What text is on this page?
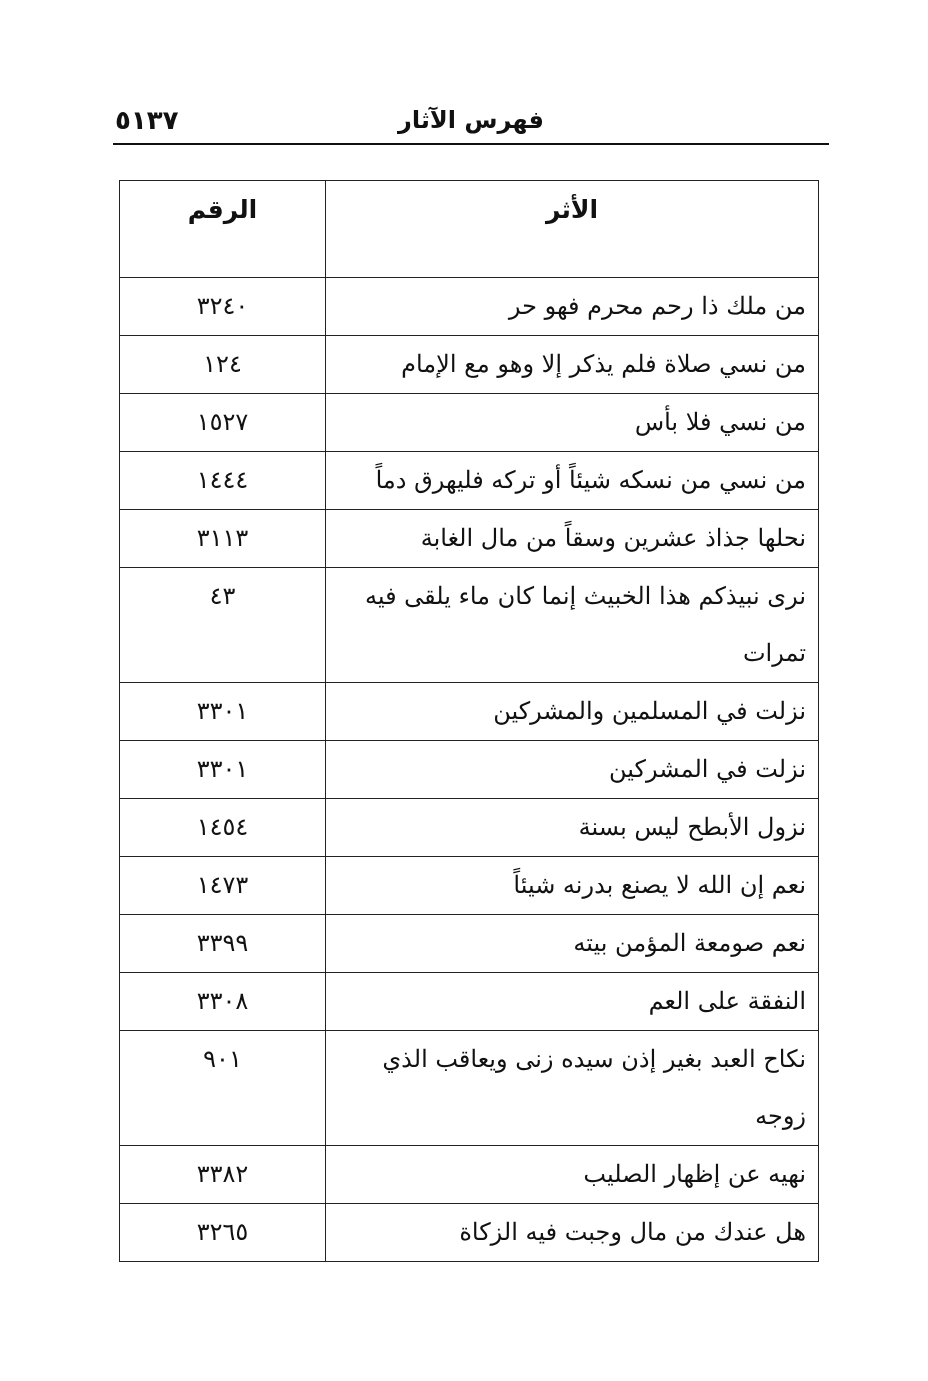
٥١٣٧	فهرس الآثار
الأثر	الرقم
من ملك ذا رحم محرم فهو حر	٣٢٤٠
من نسي صلاة فلم يذكر إلا وهو مع الإمام	١٢٤
من نسي فلا بأس	١٥٢٧
من نسي من نسكه شيئاً أو تركه فليهرق دماً	١٤٤٤
نحلها جذاذ عشرين وسقاً من مال الغابة	٣١١٣
نرى نبيذكم هذا الخبيث إنما كان ماء يلقى فيه تمرات	٤٣
نزلت في المسلمين والمشركين	٣٣٠١
نزلت في المشركين	٣٣٠١
نزول الأبطح ليس بسنة	١٤٥٤
نعم إن الله لا يصنع بدرنه شيئاً	١٤٧٣
نعم صومعة المؤمن بيته	٣٣٩٩
النفقة على العم	٣٣٠٨
نكاح العبد بغير إذن سيده زنى ويعاقب الذي زوجه	٩٠١
نهيه عن إظهار الصليب	٣٣٨٢
هل عندك من مال وجبت فيه الزكاة	٣٢٦٥
